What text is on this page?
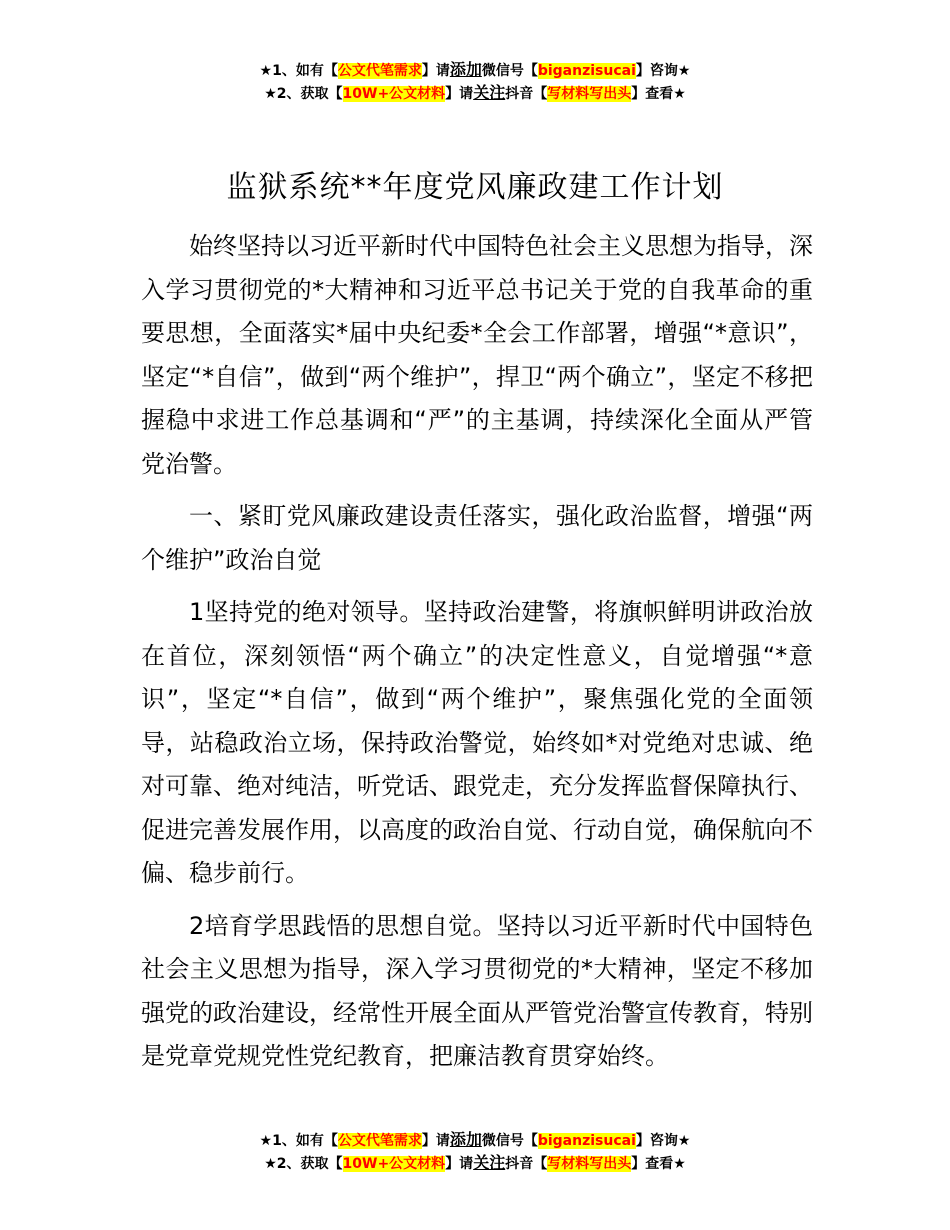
★1、如有【公文代笔需求】请添加微信号【biganzisucai】咨询★
★2、获取【10W+公文材料】请关注抖音【写材料写出头】查看★
监狱系统**年度党风廉政建工作计划

始终坚持以习近平新时代中国特色社会主义思想为指导，深入学习贯彻党的*大精神和习近平总书记关于党的自我革命的重要思想，全面落实*届中央纪委*全会工作部署，增强“*意识”，坚定“*自信”，做到“两个维护”，捍卫“两个确立”，坚定不移把握稳中求进工作总基调和“严”的主基调，持续深化全面从严管党治警。

一、紧盯党风廉政建设责任落实，强化政治监督，增强“两个维护”政治自觉

1坚持党的绝对领导。坚持政治建警，将旗帜鲜明讲政治放在首位，深刻领悟“两个确立”的决定性意义，自觉增强“*意识”，坚定“*自信”，做到“两个维护”，聚焦强化党的全面领导，站稳政治立场，保持政治警觉，始终如*对党绝对忠诚、绝对可靠、绝对纯洁，听党话、跟党走，充分发挥监督保障执行、促进完善发展作用，以高度的政治自觉、行动自觉，确保航向不偏、稳步前行。

2培育学思践悟的思想自觉。坚持以习近平新时代中国特色社会主义思想为指导，深入学习贯彻党的*大精神，坚定不移加强党的政治建设，经常性开展全面从严管党治警宣传教育，特别是党章党规党性党纪教育，把廉洁教育贯穿始终。

★1、如有【公文代笔需求】请添加微信号【biganzisucai】咨询★
★2、获取【10W+公文材料】请关注抖音【写材料写出头】查看★
